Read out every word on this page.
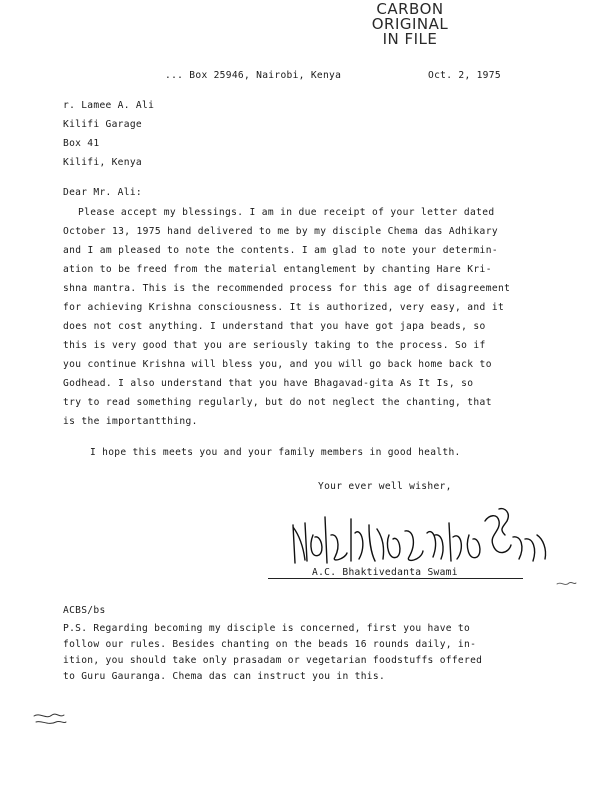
CARBON
ORIGINAL
IN FILE
... Box 25946, Nairobi, Kenya	Oct. 2, 1975
r. Lamee A. Ali
Kilifi Garage
Box 41
Kilifi, Kenya
Dear Mr. Ali:
Please accept my blessings. I am in due receipt of your letter dated
October 13, 1975 hand delivered to me by my disciple Chema das Adhikary
and I am pleased to note the contents. I am glad to note your determin-
ation to be freed from the material entanglement by chanting Hare Kri-
shna mantra. This is the recommended process for this age of disagreement
for achieving Krishna consciousness. It is authorized, very easy, and it
does not cost anything. I understand that you have got japa beads, so
this is very good that you are seriously taking to the process. So if
you continue Krishna will bless you, and you will go back home back to
Godhead. I also understand that you have Bhagavad-gita As It Is, so
try to read something regularly, but do not neglect the chanting, that
is the importantthing.
I hope this meets you and your family members in good health.
Your ever well wisher,
A.C. Bhaktivedanta Swami
ACBS/bs
P.S. Regarding becoming my disciple is concerned, first you have to
follow our rules. Besides chanting on the beads 16 rounds daily, in-
ition, you should take only prasadam or vegetarian foodstuffs offered
to Guru Gauranga. Chema das can instruct you in this.
